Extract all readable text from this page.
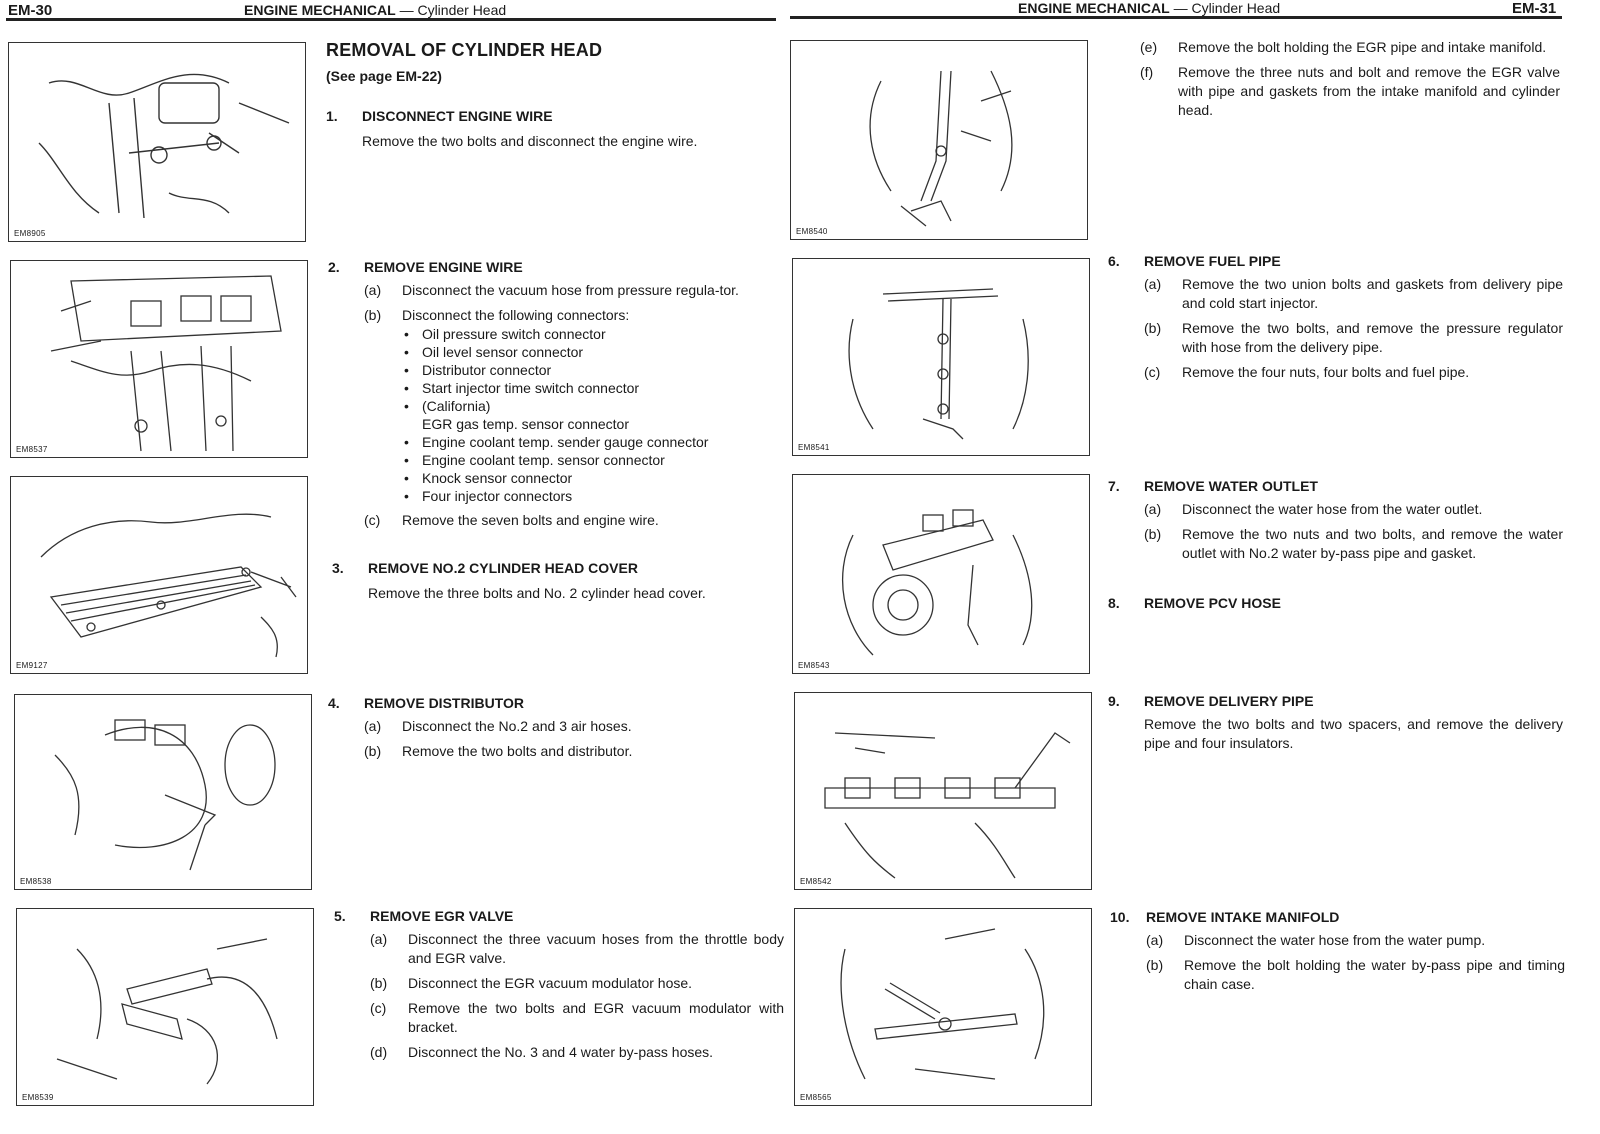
EM-30	ENGINE MECHANICAL — Cylinder Head
EM8905
EM8537
EM9127
EM8538
EM8539
REMOVAL OF CYLINDER HEAD
(See page EM-22)
1. DISCONNECT ENGINE WIRE
Remove the two bolts and disconnect the engine wire.
2. REMOVE ENGINE WIRE
(a) Disconnect the vacuum hose from pressure regula-tor.
(b) Disconnect the following connectors:
• Oil pressure switch connector
• Oil level sensor connector
• Distributor connector
• Start injector time switch connector
• (California)
EGR gas temp. sensor connector
• Engine coolant temp. sender gauge connector
• Engine coolant temp. sensor connector
• Knock sensor connector
• Four injector connectors
(c) Remove the seven bolts and engine wire.
3. REMOVE NO.2 CYLINDER HEAD COVER
Remove the three bolts and No. 2 cylinder head cover.
4. REMOVE DISTRIBUTOR
(a) Disconnect the No.2 and 3 air hoses.
(b) Remove the two bolts and distributor.
5. REMOVE EGR VALVE
(a) Disconnect the three vacuum hoses from the throttle body and EGR valve.
(b) Disconnect the EGR vacuum modulator hose.
(c) Remove the two bolts and EGR vacuum modulator with bracket.
(d) Disconnect the No. 3 and 4 water by-pass hoses.
ENGINE MECHANICAL — Cylinder Head	EM-31
EM8540
EM8541
EM8543
EM8542
EM8565
(e) Remove the bolt holding the EGR pipe and intake manifold.
(f) Remove the three nuts and bolt and remove the EGR valve with pipe and gaskets from the intake manifold and cylinder head.
6. REMOVE FUEL PIPE
(a) Remove the two union bolts and gaskets from delivery pipe and cold start injector.
(b) Remove the two bolts, and remove the pressure regulator with hose from the delivery pipe.
(c) Remove the four nuts, four bolts and fuel pipe.
7. REMOVE WATER OUTLET
(a) Disconnect the water hose from the water outlet.
(b) Remove the two nuts and two bolts, and remove the water outlet with No.2 water by-pass pipe and gasket.
8. REMOVE PCV HOSE
9. REMOVE DELIVERY PIPE
Remove the two bolts and two spacers, and remove the delivery pipe and four insulators.
10. REMOVE INTAKE MANIFOLD
(a) Disconnect the water hose from the water pump.
(b) Remove the bolt holding the water by-pass pipe and timing chain case.
